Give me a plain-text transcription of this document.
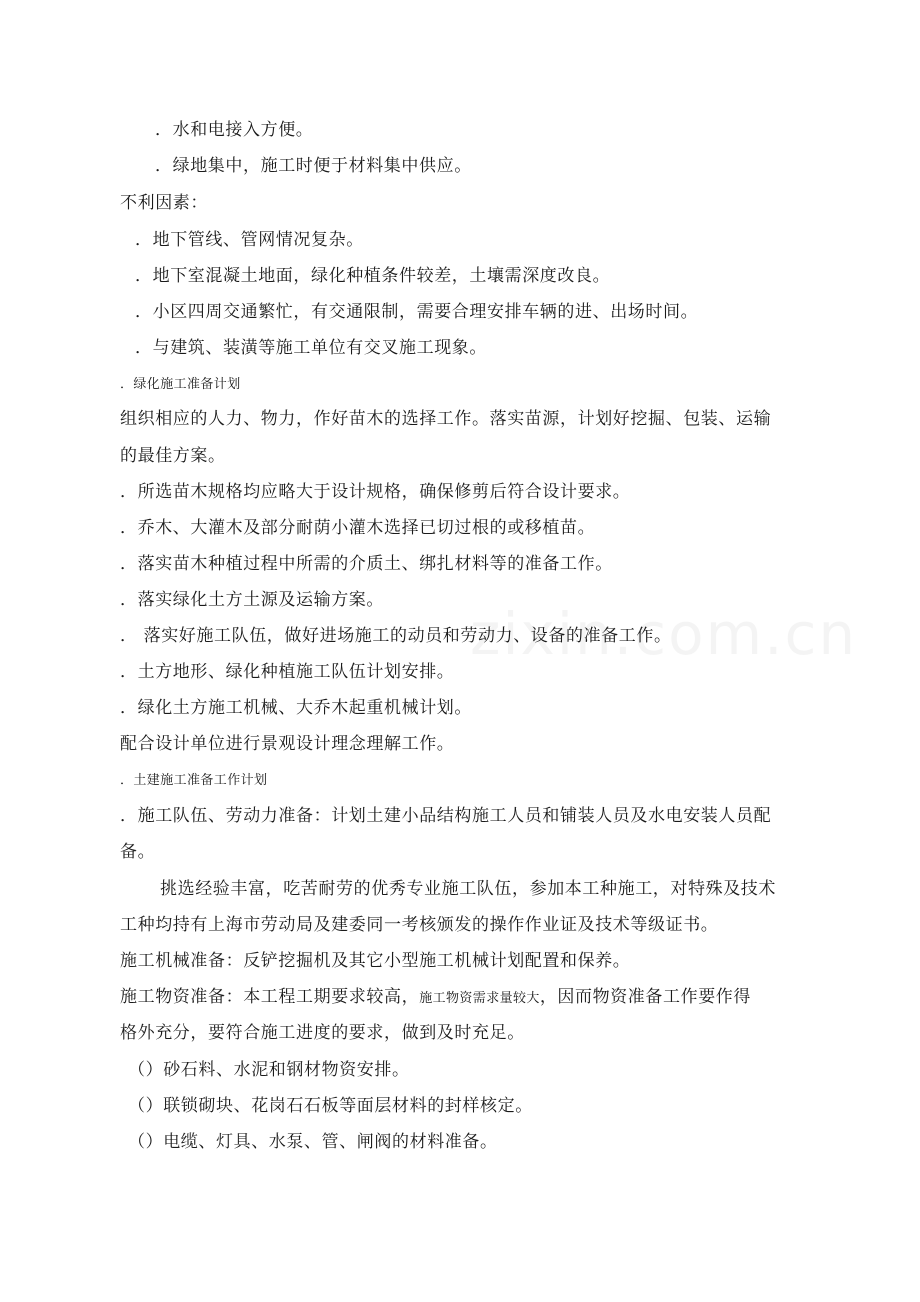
．水和电接入方便。
．绿地集中，施工时便于材料集中供应。
不利因素：
．地下管线、管网情况复杂。
．地下室混凝土地面，绿化种植条件较差，土壤需深度改良。
．小区四周交通繁忙，有交通限制，需要合理安排车辆的进、出场时间。
．与建筑、装潢等施工单位有交叉施工现象。
．绿化施工准备计划
组织相应的人力、物力，作好苗木的选择工作。落实苗源，计划好挖掘、包装、运输
的最佳方案。
．所选苗木规格均应略大于设计规格，确保修剪后符合设计要求。
．乔木、大灌木及部分耐荫小灌木选择已切过根的或移植苗。
．落实苗木种植过程中所需的介质土、绑扎材料等的准备工作。
．落实绿化土方土源及运输方案。
． 落实好施工队伍，做好进场施工的动员和劳动力、设备的准备工作。
．土方地形、绿化种植施工队伍计划安排。
．绿化土方施工机械、大乔木起重机械计划。
配合设计单位进行景观设计理念理解工作。
．土建施工准备工作计划
．施工队伍、劳动力准备：计划土建小品结构施工人员和铺装人员及水电安装人员配
备。
挑选经验丰富，吃苦耐劳的优秀专业施工队伍，参加本工种施工，对特殊及技术
工种均持有上海市劳动局及建委同一考核颁发的操作作业证及技术等级证书。
施工机械准备：反铲挖掘机及其它小型施工机械计划配置和保养。
施工物资准备：本工程工期要求较高，施工物资需求量较大，因而物资准备工作要作得
格外充分，要符合施工进度的要求，做到及时充足。
（）砂石料、水泥和钢材物资安排。
（）联锁砌块、花岗石石板等面层材料的封样核定。
（）电缆、灯具、水泵、管、闸阀的材料准备。
